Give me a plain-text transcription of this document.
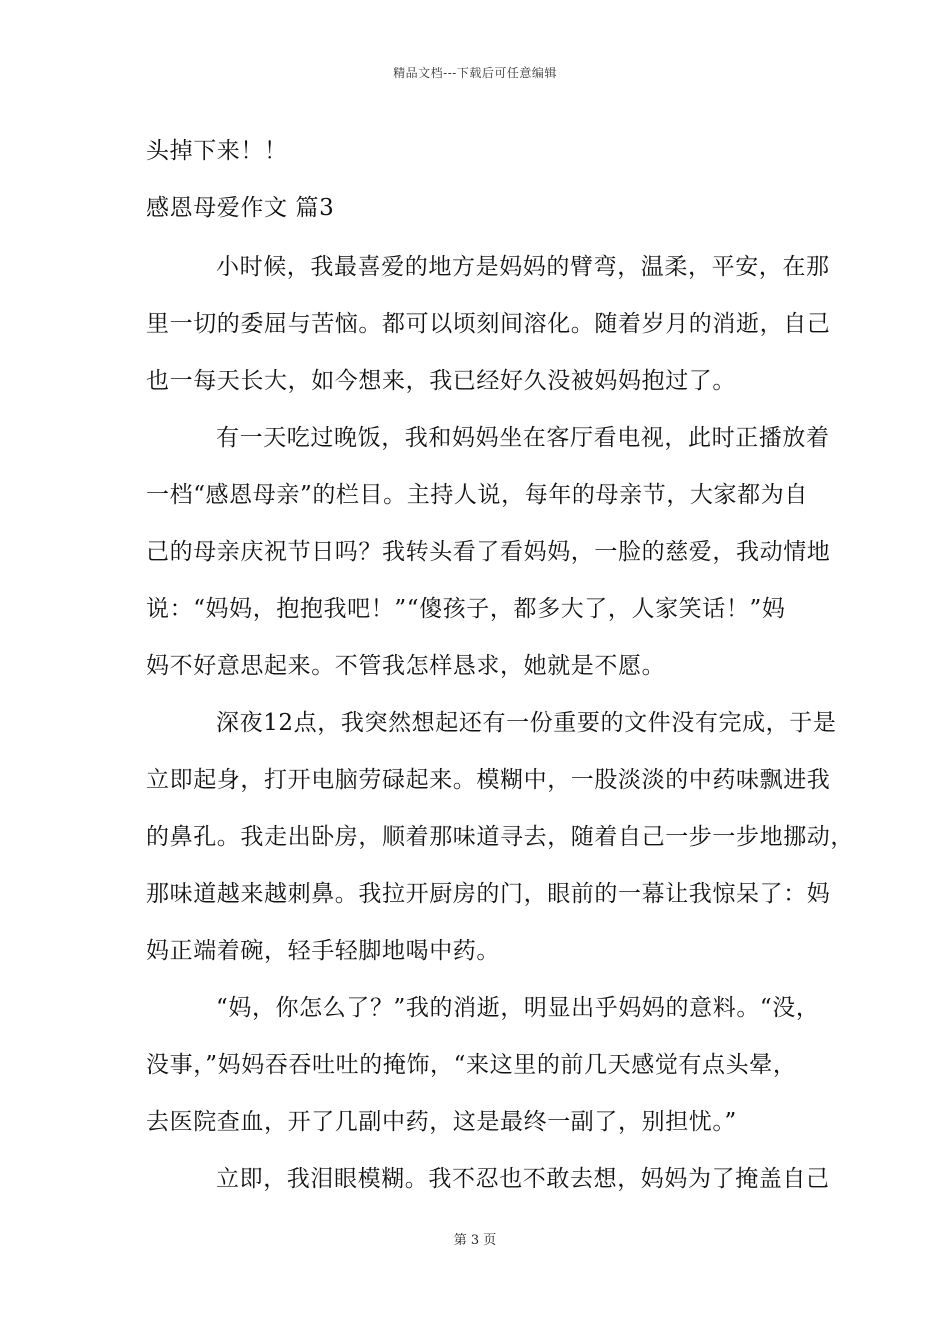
精品文档---下载后可任意编辑
头掉下来！！
感恩母爱作文 篇3
小时候，我最喜爱的地方是妈妈的臂弯，温柔，平安，在那
里一切的委屈与苦恼。都可以顷刻间溶化。随着岁月的消逝，自己
也一每天长大，如今想来，我已经好久没被妈妈抱过了。
有一天吃过晚饭，我和妈妈坐在客厅看电视，此时正播放着
一档“感恩母亲”的栏目。主持人说，每年的母亲节，大家都为自
己的母亲庆祝节日吗？我转头看了看妈妈，一脸的慈爱，我动情地
说：“妈妈，抱抱我吧！”“傻孩子，都多大了，人家笑话！”妈
妈不好意思起来。不管我怎样恳求，她就是不愿。
深夜12点，我突然想起还有一份重要的文件没有完成，于是
立即起身，打开电脑劳碌起来。模糊中，一股淡淡的中药味飘进我
的鼻孔。我走出卧房，顺着那味道寻去，随着自己一步一步地挪动，
那味道越来越刺鼻。我拉开厨房的门，眼前的一幕让我惊呆了：妈
妈正端着碗，轻手轻脚地喝中药。
“妈，你怎么了？”我的消逝，明显出乎妈妈的意料。“没，
没事，”妈妈吞吞吐吐的掩饰，“来这里的前几天感觉有点头晕，
去医院查血，开了几副中药，这是最终一副了，别担忧。”
立即，我泪眼模糊。我不忍也不敢去想，妈妈为了掩盖自己
第 3 页
